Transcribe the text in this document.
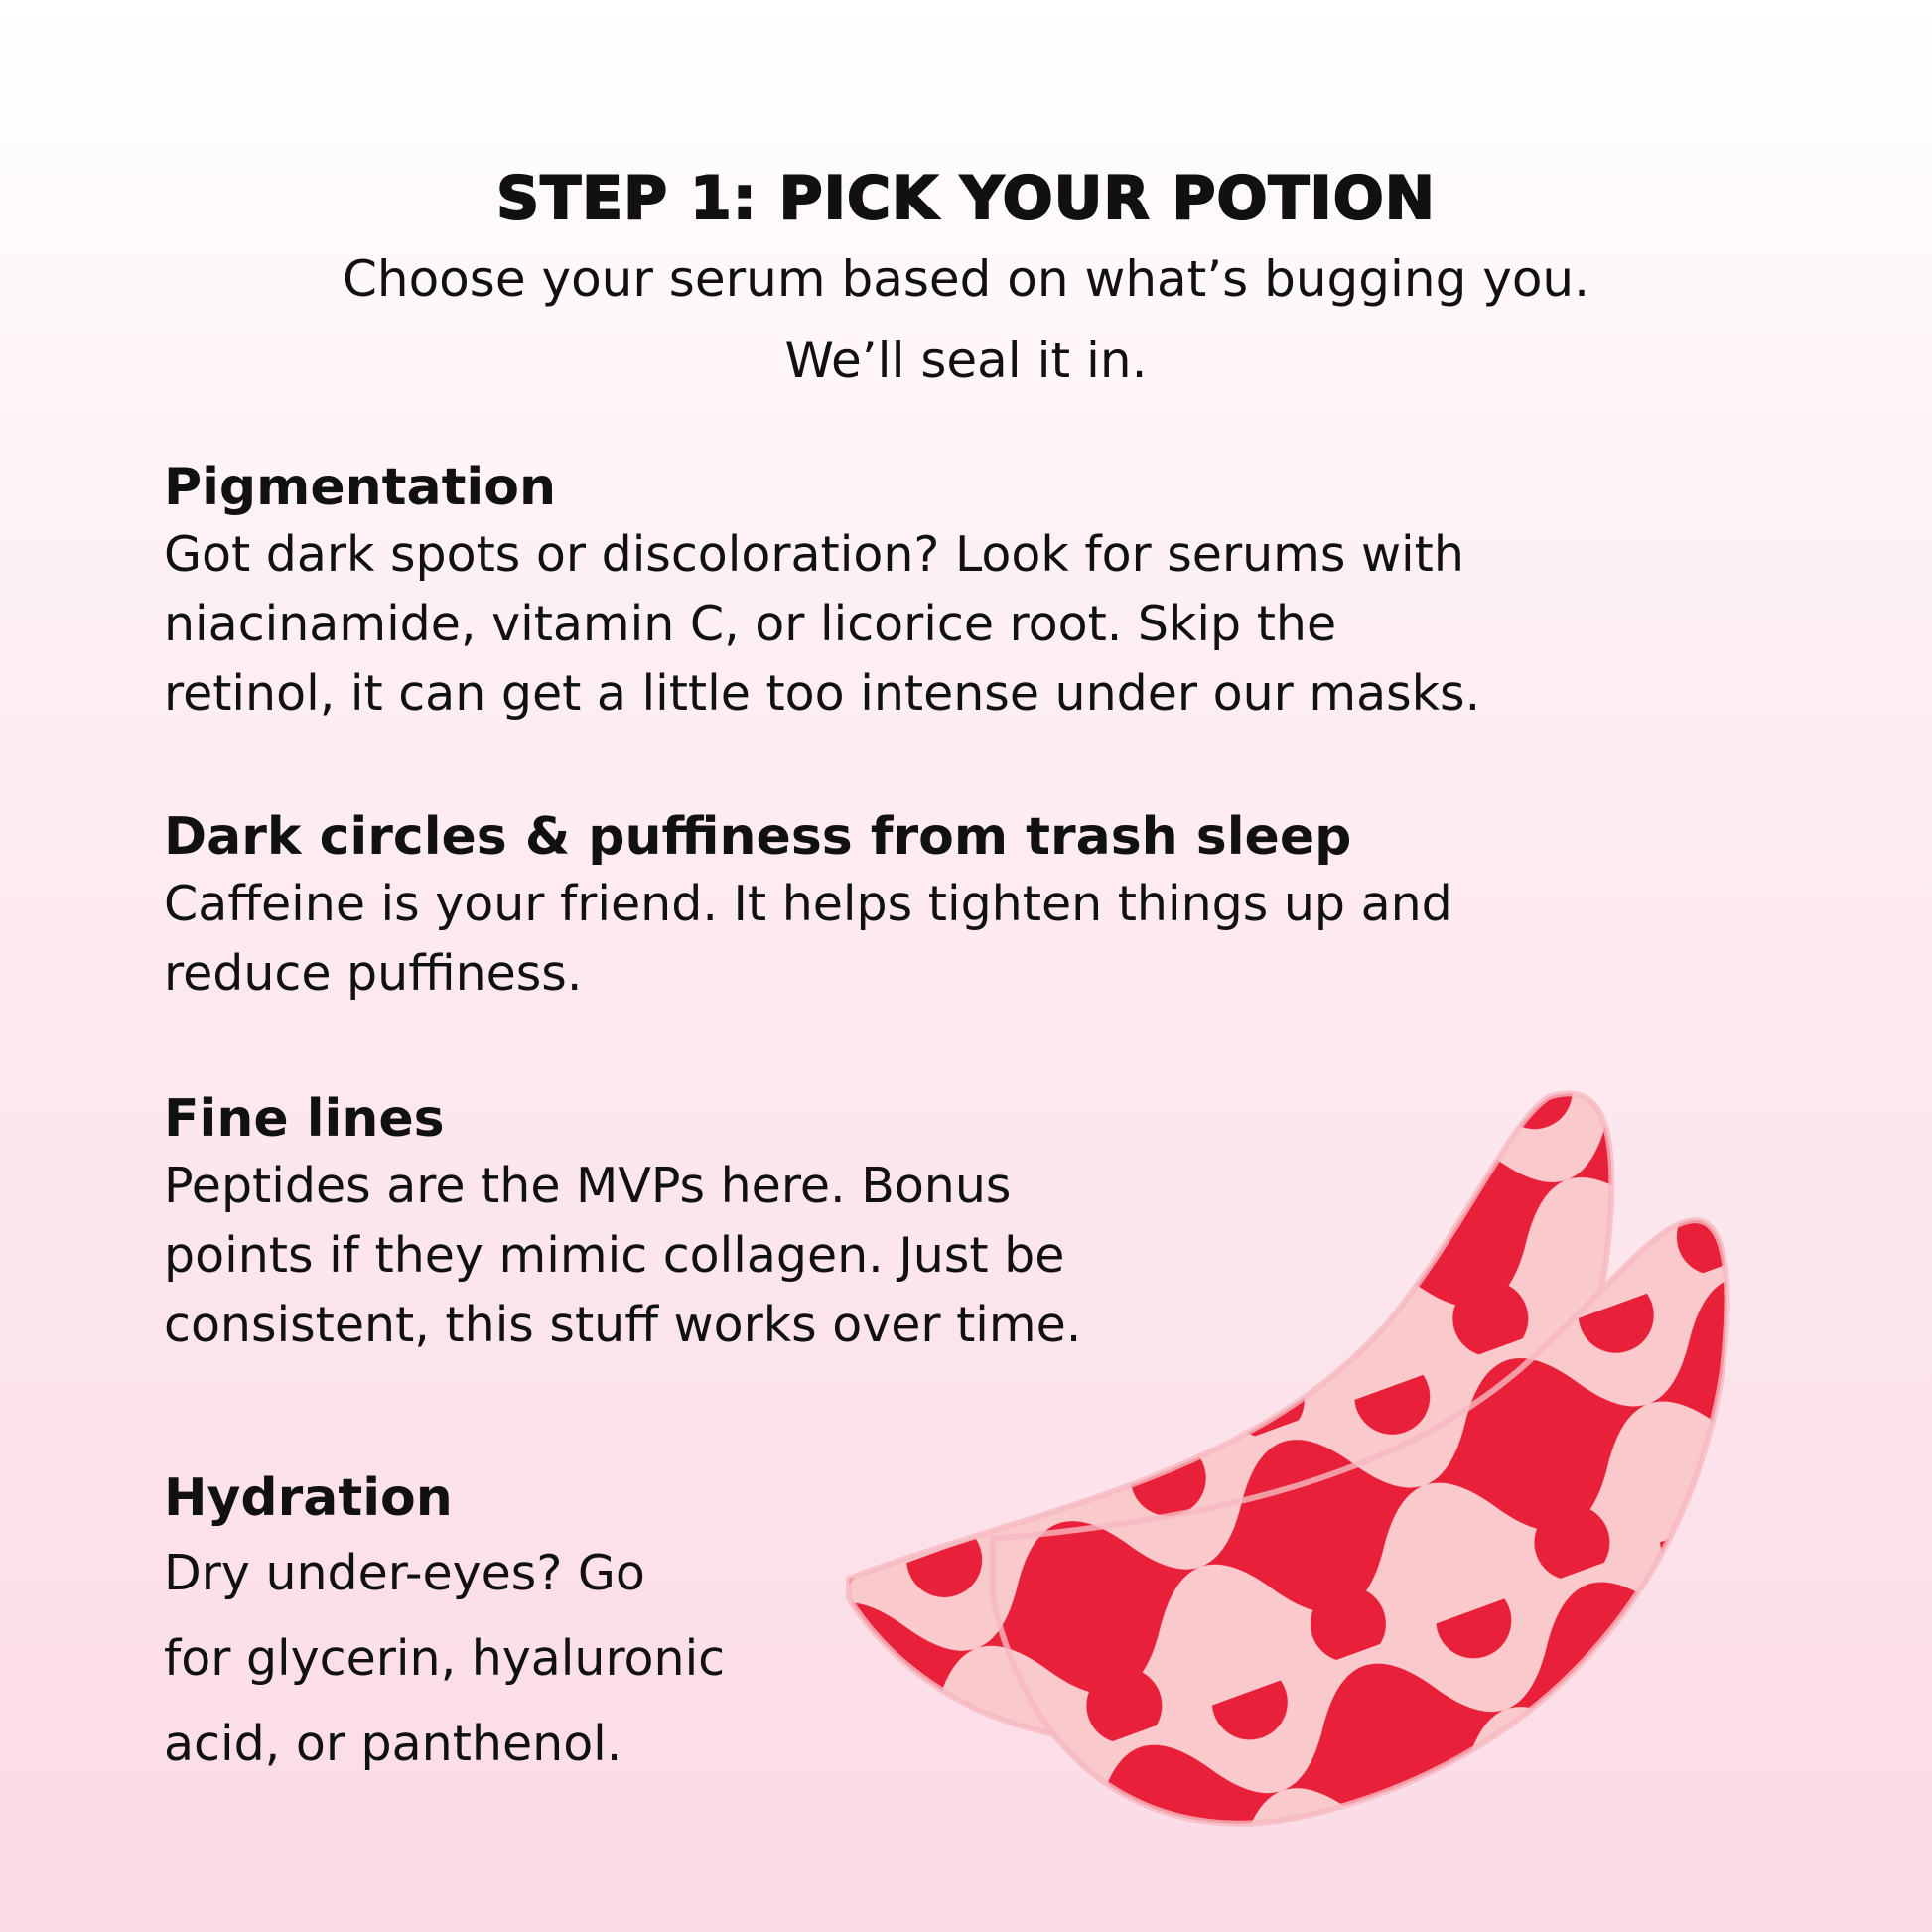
STEP 1: PICK YOUR POTION

Choose your serum based on what’s bugging you.

We’ll seal it in.

Pigmentation

Got dark spots or discoloration? Look for serums with

niacinamide, vitamin C, or licorice root. Skip the

retinol, it can get a little too intense under our masks.

Dark circles & puffiness from trash sleep

Caffeine is your friend. It helps tighten things up and

reduce puffiness.

Fine lines

Peptides are the MVPs here. Bonus

points if they mimic collagen. Just be

consistent, this stuff works over time.

Hydration

Dry under-eyes? Go

for glycerin, hyaluronic

acid, or panthenol.
